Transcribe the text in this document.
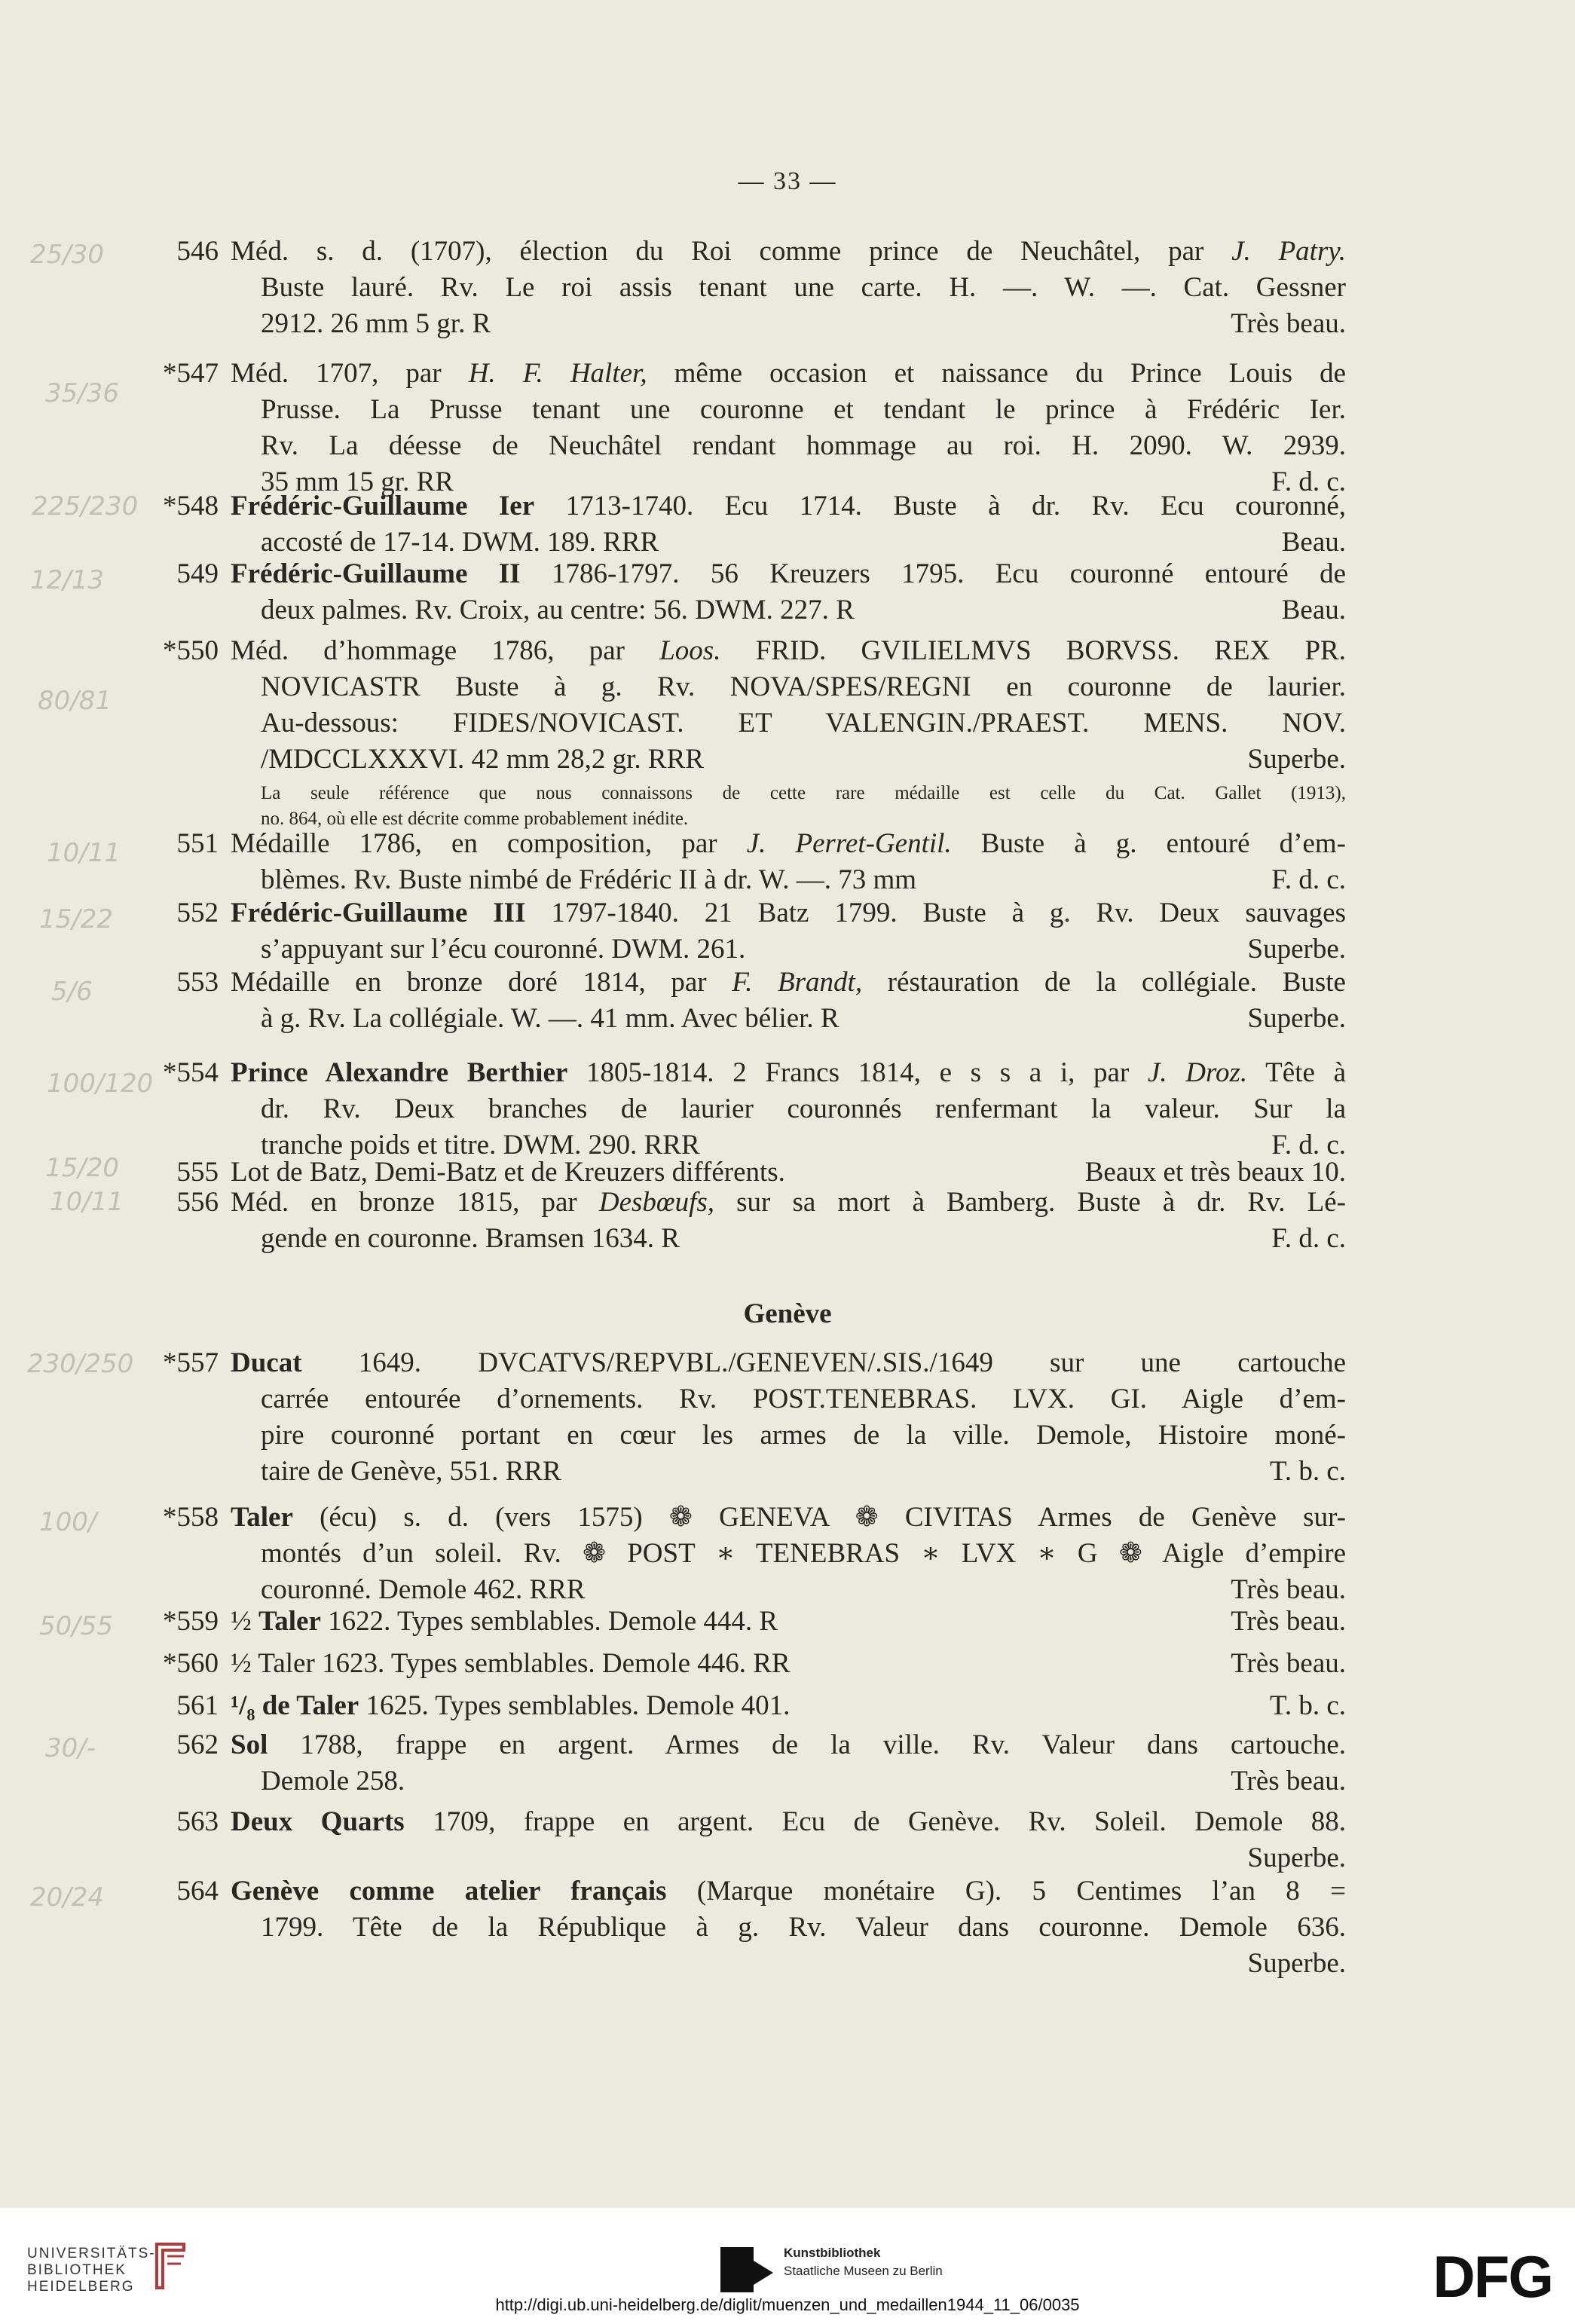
— 33 —
546 Méd. s. d. (1707), élection du Roi comme prince de Neuchâtel, par J. Patry.
Buste lauré. Rv. Le roi assis tenant une carte. H. —. W. —. Cat. Gessner
2912. 26 mm 5 gr. R	Très beau.
*547 Méd. 1707, par H. F. Halter, même occasion et naissance du Prince Louis de
Prusse. La Prusse tenant une couronne et tendant le prince à Frédéric Ier.
Rv. La déesse de Neuchâtel rendant hommage au roi. H. 2090. W. 2939.
35 mm 15 gr. RR	F. d. c.
*548 Frédéric-Guillaume Ier 1713-1740. Ecu 1714. Buste à dr. Rv. Ecu couronné,
accosté de 17-14. DWM. 189. RRR	Beau.
549 Frédéric-Guillaume II 1786-1797. 56 Kreuzers 1795. Ecu couronné entouré de
deux palmes. Rv. Croix, au centre: 56. DWM. 227. R	Beau.
*550 Méd. d’hommage 1786, par Loos. FRID. GVILIELMVS BORVSS. REX PR.
NOVICASTR Buste à g. Rv. NOVA/SPES/REGNI en couronne de laurier.
Au-dessous: FIDES/NOVICAST. ET VALENGIN./PRAEST. MENS. NOV.
/MDCCLXXXVI. 42 mm 28,2 gr. RRR	Superbe.
La seule référence que nous connaissons de cette rare médaille est celle du Cat. Gallet (1913),
no. 864, où elle est décrite comme probablement inédite.
551 Médaille 1786, en composition, par J. Perret-Gentil. Buste à g. entouré d’em-
blèmes. Rv. Buste nimbé de Frédéric II à dr. W. —. 73 mm	F. d. c.
552 Frédéric-Guillaume III 1797-1840. 21 Batz 1799. Buste à g. Rv. Deux sauvages
s’appuyant sur l’écu couronné. DWM. 261.	Superbe.
553 Médaille en bronze doré 1814, par F. Brandt, réstauration de la collégiale. Buste
à g. Rv. La collégiale. W. —. 41 mm. Avec bélier. R	Superbe.
*554 Prince Alexandre Berthier 1805-1814. 2 Francs 1814, e s s a i, par J. Droz. Tête à
dr. Rv. Deux branches de laurier couronnés renfermant la valeur. Sur la
tranche poids et titre. DWM. 290. RRR	F. d. c.
555 Lot de Batz, Demi-Batz et de Kreuzers différents.	Beaux et très beaux 10.
556 Méd. en bronze 1815, par Desbœufs, sur sa mort à Bamberg. Buste à dr. Rv. Lé-
gende en couronne. Bramsen 1634. R	F. d. c.
*557 Ducat 1649. DVCATVS/REPVBL./GENEVEN/.SIS./1649 sur une cartouche
carrée entourée d’ornements. Rv. POST.TENEBRAS. LVX. GI. Aigle d’em-
pire couronné portant en cœur les armes de la ville. Demole, Histoire moné-
taire de Genève, 551. RRR	T. b. c.
*558 Taler (écu) s. d. (vers 1575) ❁ GENEVA ❁ CIVITAS Armes de Genève sur-
montés d’un soleil. Rv. ❁ POST ∗ TENEBRAS ∗ LVX ∗ G ❁ Aigle d’empire
couronné. Demole 462. RRR	Très beau.
*559 ½ Taler 1622. Types semblables. Demole 444. R	Très beau.
*560 ½ Taler 1623. Types semblables. Demole 446. RR	Très beau.
561 ¹/₈ de Taler 1625. Types semblables. Demole 401.	T. b. c.
562 Sol 1788, frappe en argent. Armes de la ville. Rv. Valeur dans cartouche.
Demole 258.	Très beau.
563 Deux Quarts 1709, frappe en argent. Ecu de Genève. Rv. Soleil. Demole 88.
Superbe.
564 Genève comme atelier français (Marque monétaire G). 5 Centimes l’an 8 =
1799. Tête de la République à g. Rv. Valeur dans couronne. Demole 636.
Superbe.
Genève
25/30
35/36
225/230
12/13
80/81
10/11
15/22
5/6
100/120
15/20
10/11
230/250
100/
50/55
30/-
20/24
UNIVERSITÄTS-
BIBLIOTHEK
HEIDELBERG
Kunstbibliothek
Staatliche Museen zu Berlin	DFG
http://digi.ub.uni-heidelberg.de/diglit/muenzen_und_medaillen1944_11_06/0035
